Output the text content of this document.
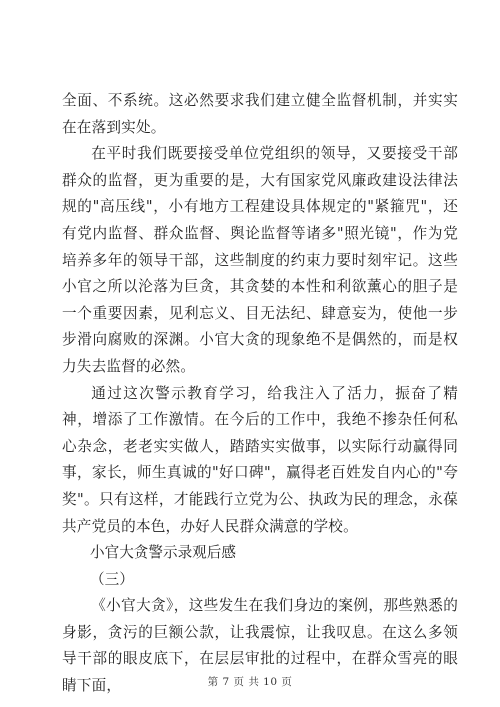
全面、不系统。这必然要求我们建立健全监督机制，并实实在在落到实处。

在平时我们既要接受单位党组织的领导，又要接受干部群众的监督，更为重要的是，大有国家党风廉政建设法律法规的"高压线"，小有地方工程建设具体规定的"紧箍咒"，还有党内监督、群众监督、舆论监督等诸多"照光镜"，作为党培养多年的领导干部，这些制度的约束力要时刻牢记。这些小官之所以沦落为巨贪，其贪婪的本性和利欲薰心的胆子是一个重要因素，见利忘义、目无法纪、肆意妄为，使他一步步滑向腐败的深渊。小官大贪的现象绝不是偶然的，而是权力失去监督的必然。

通过这次警示教育学习，给我注入了活力，振奋了精神，增添了工作激情。在今后的工作中，我绝不掺杂任何私心杂念，老老实实做人，踏踏实实做事，以实际行动赢得同事，家长，师生真诚的"好口碑"，赢得老百姓发自内心的"夸奖"。只有这样，才能践行立党为公、执政为民的理念，永葆共产党员的本色，办好人民群众满意的学校。

小官大贪警示录观后感

（三）

《小官大贪》，这些发生在我们身边的案例，那些熟悉的身影，贪污的巨额公款，让我震惊，让我叹息。在这么多领导干部的眼皮底下，在层层审批的过程中，在群众雪亮的眼睛下面，	第 7 页 共 10 页
